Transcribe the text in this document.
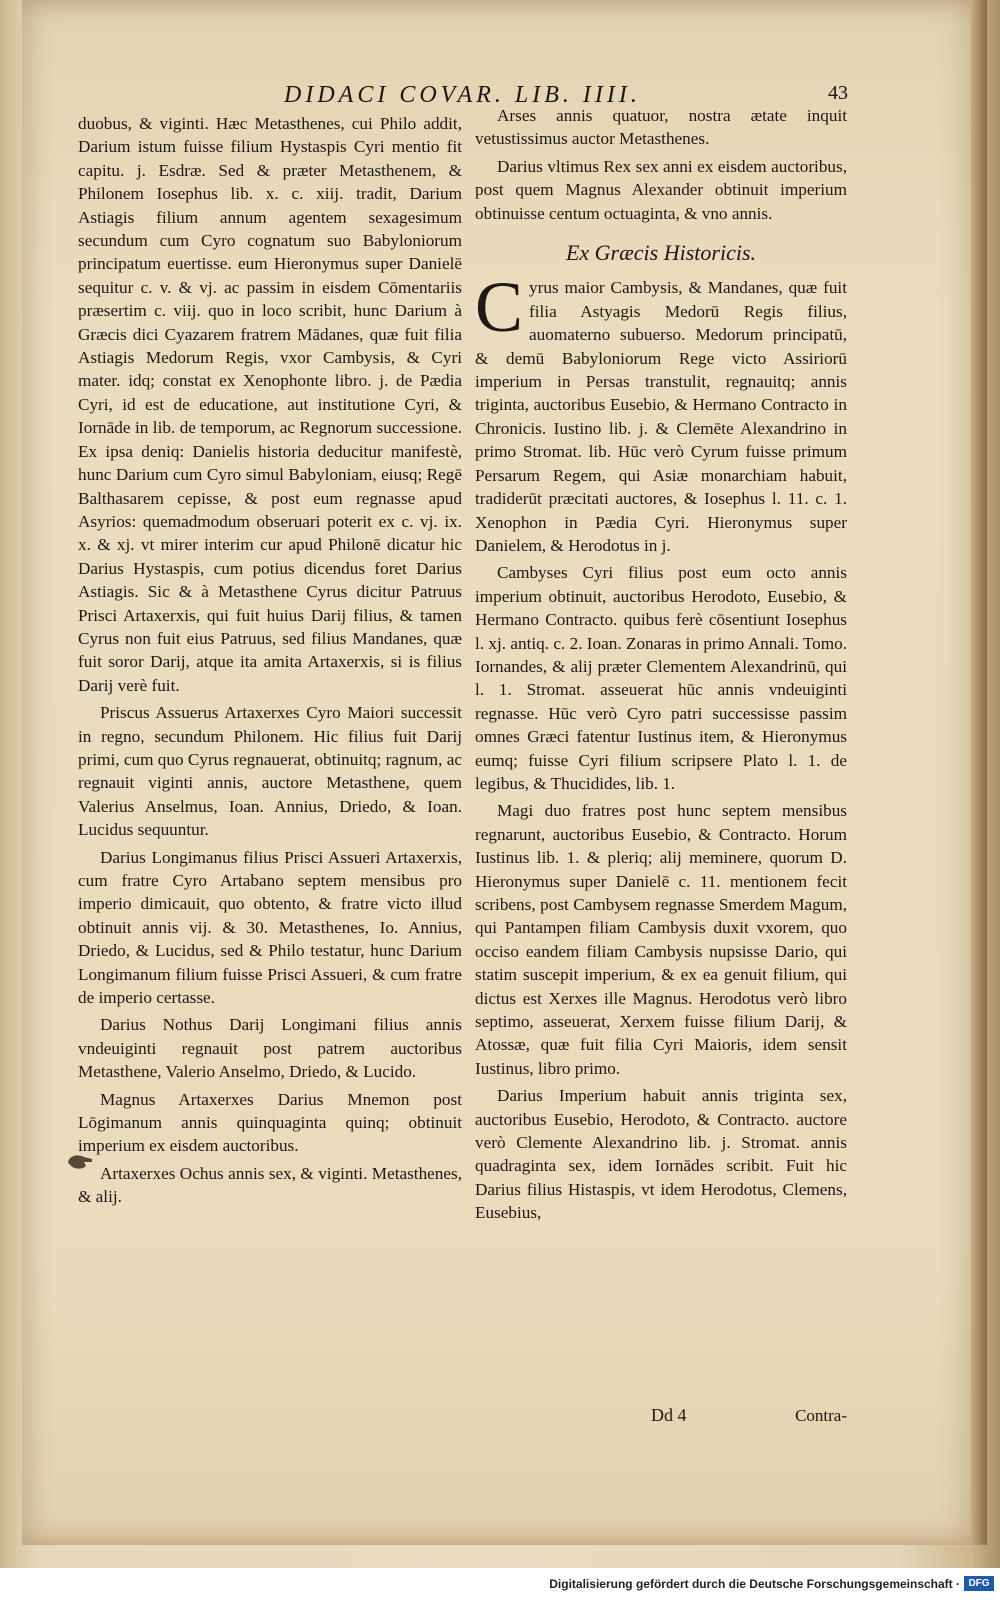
DIDACI COVAR. LIB. IIII.	43

duobus, & viginti. Hæc Metasthenes, cui Philo addit, Darium istum fuisse filium Hystaspis Cyri mentio fit capitu. j. Esdræ. Sed & præter Metasthenem, & Philonem Iosephus lib. x. c. xiij. tradit, Darium Astiagis filium annum agentem sexagesimum secundum cum Cyro cognatum suo Babyloniorum principatum euertisse. eum Hieronymus super Danielē sequitur c. v. & vj. ac passim in eisdem Cōmentariis præsertim c. viij. quo in loco scribit, hunc Darium à Græcis dici Cyazarem fratrem Mādanes, quæ fuit filia Astiagis Medorum Regis, vxor Cambysis, & Cyri mater. idq; constat ex Xenophonte libro. j. de Pædia Cyri, id est de educatione, aut institutione Cyri, & Iornāde in lib. de temporum, ac Regnorum successione. Ex ipsa deniq: Danielis historia deducitur manifestè, hunc Darium cum Cyro simul Babyloniam, eiusq; Regē Balthasarem cepisse, & post eum regnasse apud Asyrios: quemadmodum obseruari poterit ex c. vj. ix. x. & xj. vt mirer interim cur apud Philonē dicatur hic Darius Hystaspis, cum potius dicendus foret Darius Astiagis. Sic & à Metasthene Cyrus dicitur Patruus Prisci Artaxerxis, qui fuit huius Darij filius, & tamen Cyrus non fuit eius Patruus, sed filius Mandanes, quæ fuit soror Darij, atque ita amita Artaxerxis, si is filius Darij verè fuit.

Priscus Assuerus Artaxerxes Cyro Maiori successit in regno, secundum Philonem. Hic filius fuit Darij primi, cum quo Cyrus regnauerat, obtinuitq; ragnum, ac regnauit viginti annis, auctore Metasthene, quem Valerius Anselmus, Ioan. Annius, Driedo, & Ioan. Lucidus sequuntur.

Darius Longimanus filius Prisci Assueri Artaxerxis, cum fratre Cyro Artabano septem mensibus pro imperio dimicauit, quo obtento, & fratre victo illud obtinuit annis vij. & 30. Metasthenes, Io. Annius, Driedo, & Lucidus, sed & Philo testatur, hunc Darium Longimanum filium fuisse Prisci Assueri, & cum fratre de imperio certasse.

Darius Nothus Darij Longimani filius annis vndeuiginti regnauit post patrem auctoribus Metasthene, Valerio Anselmo, Driedo, & Lucido.

Magnus Artaxerxes Darius Mnemon post Lōgimanum annis quinquaginta quinq; obtinuit imperium ex eisdem auctoribus.

Artaxerxes Ochus annis sex, & viginti. Metasthenes, & alij.

Arses annis quatuor, nostra ætate inquit vetustissimus auctor Metasthenes.

Darius vltimus Rex sex anni ex eisdem auctoribus, post quem Magnus Alexander obtinuit imperium obtinuisse centum octuaginta, & vno annis.

Ex Græcis Historicis.

Cyrus maior Cambysis, & Mandanes, quæ fuit filia Astyagis Medorū Regis filius, auomaterno subuerso. Medorum principatū, & demū Babyloniorum Rege victo Assiriorū imperium in Persas transtulit, regnauitq; annis triginta, auctoribus Eusebio, & Hermano Contracto in Chronicis. Iustino lib. j. & Clemēte Alexandrino in primo Stromat. lib. Hūc verò Cyrum fuisse primum Persarum Regem, qui Asiæ monarchiam habuit, tradiderūt præcitati auctores, & Iosephus l. 11. c. 1. Xenophon in Pædia Cyri. Hieronymus super Danielem, & Herodotus in j.

Cambyses Cyri filius post eum octo annis imperium obtinuit, auctoribus Herodoto, Eusebio, & Hermano Contracto. quibus ferè cōsentiunt Iosephus l. xj. antiq. c. 2. Ioan. Zonaras in primo Annali. Tomo. Iornandes, & alij præter Clementem Alexandrinū, qui l. 1. Stromat. asseuerat hūc annis vndeuiginti regnasse. Hūc verò Cyro patri successisse passim omnes Græci fatentur Iustinus item, & Hieronymus eumq; fuisse Cyri filium scripsere Plato l. 1. de legibus, & Thucidides, lib. 1.

Magi duo fratres post hunc septem mensibus regnarunt, auctoribus Eusebio, & Contracto. Horum Iustinus lib. 1. & pleriq; alij meminere, quorum D. Hieronymus super Danielē c. 11. mentionem fecit scribens, post Cambysem regnasse Smerdem Magum, qui Pantampen filiam Cambysis duxit vxorem, quo occiso eandem filiam Cambysis nupsisse Dario, qui statim suscepit imperium, & ex ea genuit filium, qui dictus est Xerxes ille Magnus. Herodotus verò libro septimo, asseuerat, Xerxem fuisse filium Darij, & Atossæ, quæ fuit filia Cyri Maioris, idem sensit Iustinus, libro primo.

Darius Imperium habuit annis triginta sex, auctoribus Eusebio, Herodoto, & Contracto. auctore verò Clemente Alexandrino lib. j. Stromat. annis quadraginta sex, idem Iornādes scribit. Fuit hic Darius filius Histaspis, vt idem Herodotus, Clemens, Eusebius,

Dd 4	Contra-
Digitalisierung gefördert durch die Deutsche Forschungsgemeinschaft · DFG
